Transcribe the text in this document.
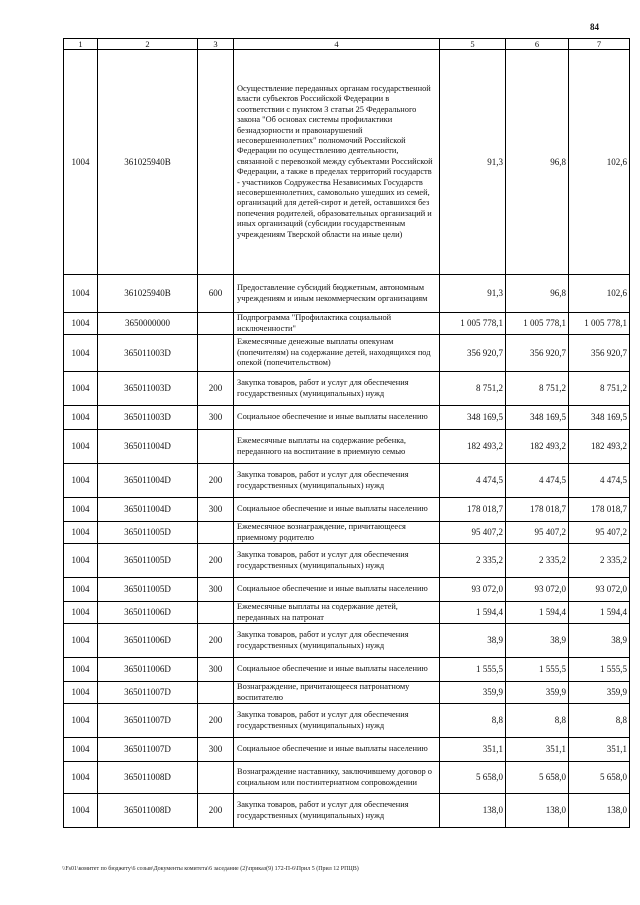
84
1	2	3	4	5	6	7
1004	361025940B		Осуществление переданных органам государственной власти субъектов Российской Федерации в соответствии с пунктом 3 статьи 25 Федерального закона "Об основах системы профилактики безнадзорности и правонарушений несовершеннолетних" полномочий Российской Федерации по осуществлению деятельности, связанной с перевозкой между субъектами Российской Федерации, а также в пределах территорий государств - участников Содружества Независимых Государств несовершеннолетних, самовольно ушедших из семей, организаций для детей-сирот и детей, оставшихся без попечения родителей, образовательных организаций и иных организаций (субсидии государственным учреждениям Тверской области на иные цели)	91,3	96,8	102,6
1004	361025940B	600	Предоставление субсидий бюджетным, автономным учреждениям и иным некоммерческим организациям	91,3	96,8	102,6
1004	3650000000		Подпрограмма "Профилактика социальной исключенности"	1 005 778,1	1 005 778,1	1 005 778,1
1004	365011003D		Ежемесячные денежные выплаты опекунам (попечителям) на содержание детей, находящихся под опекой (попечительством)	356 920,7	356 920,7	356 920,7
1004	365011003D	200	Закупка товаров, работ и услуг для обеспечения государственных (муниципальных) нужд	8 751,2	8 751,2	8 751,2
1004	365011003D	300	Социальное обеспечение и иные выплаты населению	348 169,5	348 169,5	348 169,5
1004	365011004D		Ежемесячные выплаты на содержание ребенка, переданного на воспитание в приемную семью	182 493,2	182 493,2	182 493,2
1004	365011004D	200	Закупка товаров, работ и услуг для обеспечения государственных (муниципальных) нужд	4 474,5	4 474,5	4 474,5
1004	365011004D	300	Социальное обеспечение и иные выплаты населению	178 018,7	178 018,7	178 018,7
1004	365011005D		Ежемесячное вознаграждение, причитающееся приемному родителю	95 407,2	95 407,2	95 407,2
1004	365011005D	200	Закупка товаров, работ и услуг для обеспечения государственных (муниципальных) нужд	2 335,2	2 335,2	2 335,2
1004	365011005D	300	Социальное обеспечение и иные выплаты населению	93 072,0	93 072,0	93 072,0
1004	365011006D		Ежемесячные выплаты на содержание детей, переданных на патронат	1 594,4	1 594,4	1 594,4
1004	365011006D	200	Закупка товаров, работ и услуг для обеспечения государственных (муниципальных) нужд	38,9	38,9	38,9
1004	365011006D	300	Социальное обеспечение и иные выплаты населению	1 555,5	1 555,5	1 555,5
1004	365011007D		Вознаграждение, причитающееся патронатному воспитателю	359,9	359,9	359,9
1004	365011007D	200	Закупка товаров, работ и услуг для обеспечения государственных (муниципальных) нужд	8,8	8,8	8,8
1004	365011007D	300	Социальное обеспечение и иные выплаты населению	351,1	351,1	351,1
1004	365011008D		Вознаграждение наставнику, заключившему договор о социальном или постинтернатном сопровождении	5 658,0	5 658,0	5 658,0
1004	365011008D	200	Закупка товаров, работ и услуг для обеспечения государственных (муниципальных) нужд	138,0	138,0	138,0
\\Fs01\комитет по бюджету\6 созыв\Документы комитета\6 заседание (2)\приказ(9) 172-П-6\Прил 5 (Прил 12 РПЦВ)
